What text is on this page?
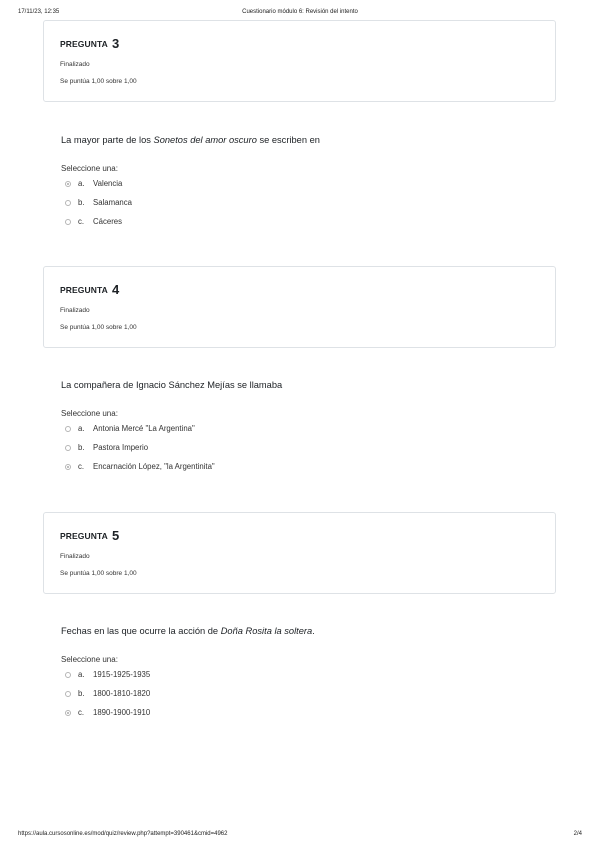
17/11/23, 12:35	Cuestionario módulo 6: Revisión del intento
PREGUNTA 3
Finalizado
Se puntúa 1,00 sobre 1,00
La mayor parte de los Sonetos del amor oscuro se escriben en
Seleccione una:
a.	Valencia
b.	Salamanca
c.	Cáceres
PREGUNTA 4
Finalizado
Se puntúa 1,00 sobre 1,00
La compañera de Ignacio Sánchez Mejías se llamaba
Seleccione una:
a.	Antonia Mercé "La Argentina"
b.	Pastora Imperio
c.	Encarnación López, "la Argentinita"
PREGUNTA 5
Finalizado
Se puntúa 1,00 sobre 1,00
Fechas en las que ocurre la acción de Doña Rosita la soltera.
Seleccione una:
a.	1915-1925-1935
b.	1800-1810-1820
c.	1890-1900-1910
https://aula.cursosonline.es/mod/quiz/review.php?attempt=390461&cmid=4962	2/4
